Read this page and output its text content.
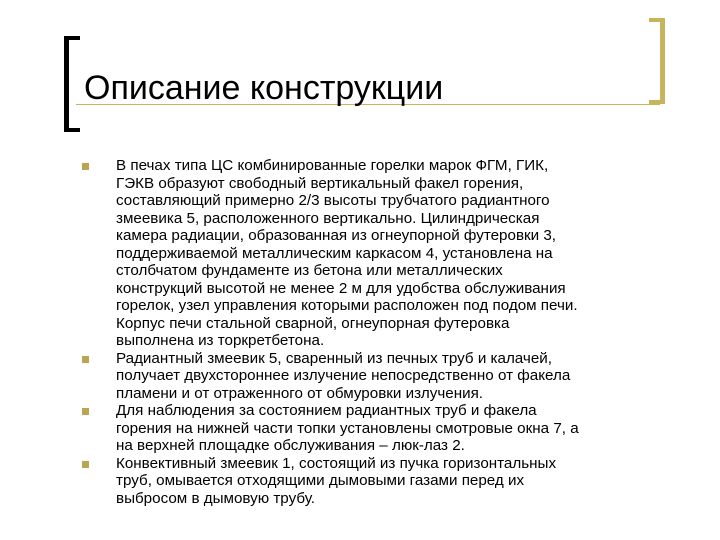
Описание конструкции
В печах типа ЦС комбинированные горелки марок ФГМ, ГИК,
ГЭКВ образуют свободный вертикальный факел горения,
составляющий примерно 2/3 высоты трубчатого радиантного
змеевика 5, расположенного вертикально. Цилиндрическая
камера радиации, образованная из огнеупорной футеровки 3,
поддерживаемой металлическим каркасом 4, установлена на
столбчатом фундаменте из бетона или металлических
конструкций высотой не менее 2 м для удобства обслуживания
горелок, узел управления которыми расположен под подом печи.
Корпус печи стальной сварной, огнеупорная футеровка
выполнена из торкретбетона.
Радиантный змеевик 5, сваренный из печных труб и калачей,
получает двухстороннее излучение непосредственно от факела
пламени и от отраженного от обмуровки излучения.
Для наблюдения за состоянием радиантных труб и факела
горения на нижней части топки установлены смотровые окна 7, а
на верхней площадке обслуживания – люк-лаз 2.
Конвективный змеевик 1, состоящий из пучка горизонтальных
труб, омывается отходящими дымовыми газами перед их
выбросом в дымовую трубу.
